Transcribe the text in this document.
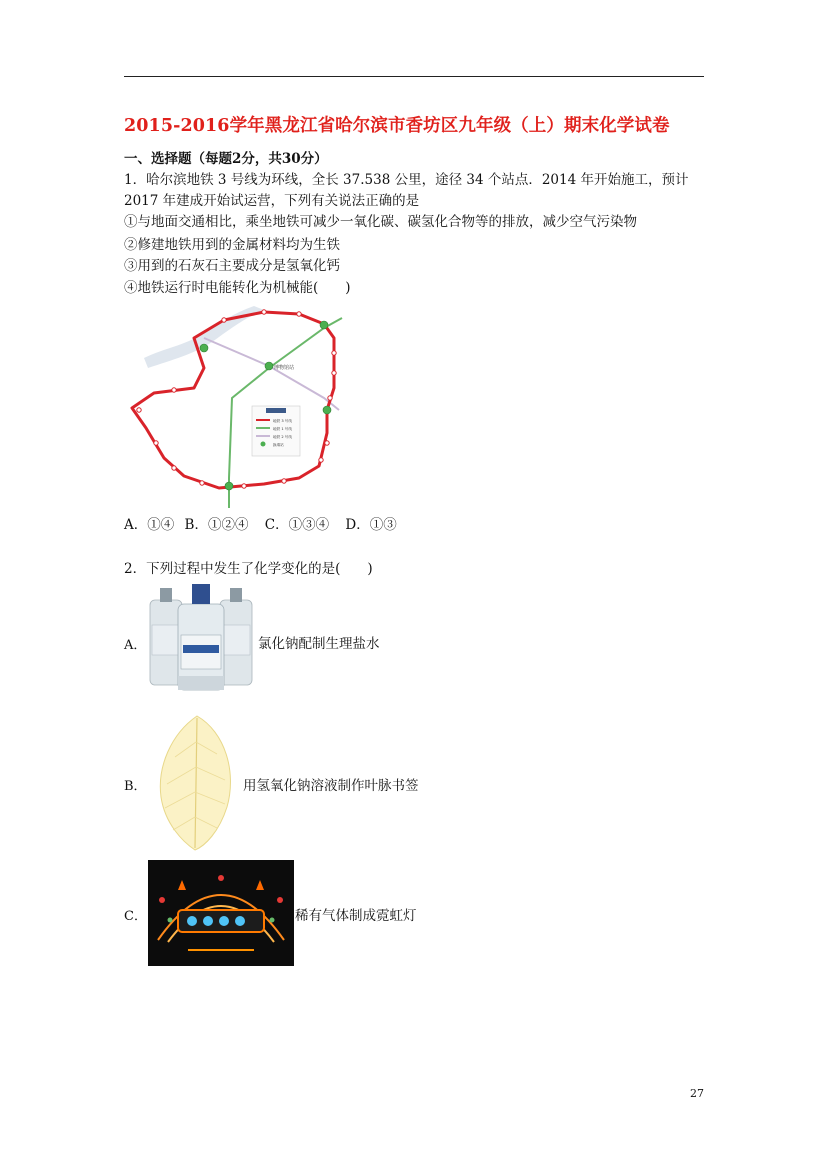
2015-2016学年黑龙江省哈尔滨市香坊区九年级（上）期末化学试卷
一、选择题（每题2分，共30分）
1．哈尔滨地铁 3 号线为环线，全长 37.538 公里，途径 34 个站点．2014 年开始施工，预计
2017 年建成开始试运营，下列有关说法正确的是
①与地面交通相比，乘坐地铁可减少一氧化碳、碳氢化合物等的排放，减少空气污染物
②修建地铁用到的金属材料均为生铁
③用到的石灰石主要成分是氢氧化钙
④地铁运行时电能转化为机械能(　　)
博物馆站
地铁 3 号线
地铁 1 号线
地铁 2 号线
换乘站
A．①④ B．①②④ C．①③④ D．①③
2．下列过程中发生了化学变化的是(　　)
A．	氯化钠配制生理盐水
B．	用氢氧化钠溶液制作叶脉书签
C．	稀有气体制成霓虹灯
27
